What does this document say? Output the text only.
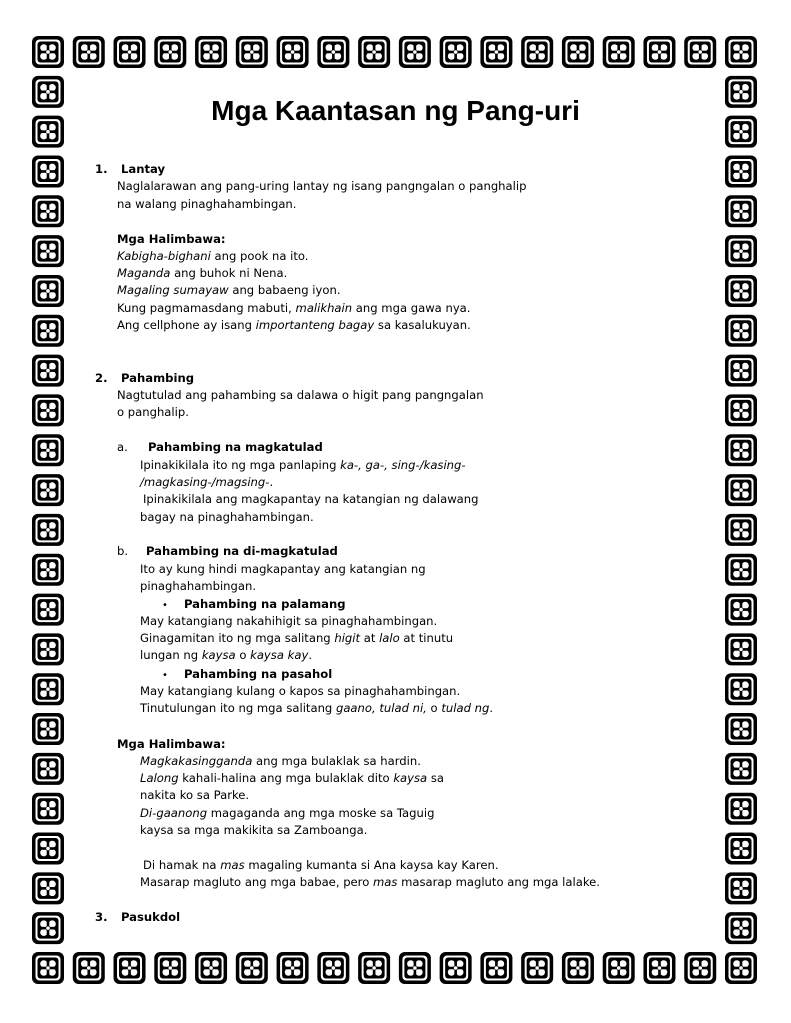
Mga Kaantasan ng Pang-uri
1. Lantay
Naglalarawan ang pang-uring lantay ng isang pangngalan o panghalip
na walang pinaghahambingan.
Mga Halimbawa:
Kabigha-bighani ang pook na ito.
Maganda ang buhok ni Nena.
Magaling sumayaw ang babaeng iyon.
Kung pagmamasdang mabuti, malikhain ang mga gawa nya.
Ang cellphone ay isang importanteng bagay sa kasalukuyan.
2. Pahambing
Nagtutulad ang pahambing sa dalawa o higit pang pangngalan
o panghalip.
a. Pahambing na magkatulad
Ipinakikilala ito ng mga panlaping ka-, ga-, sing-/kasing-
/magkasing-/magsing-.
Ipinakikilala ang magkapantay na katangian ng dalawang
bagay na pinaghahambingan.
b. Pahambing na di-magkatulad
Ito ay kung hindi magkapantay ang katangian ng
pinaghahambingan.
• Pahambing na palamang
May katangiang nakahihigit sa pinaghahambingan.
Ginagamitan ito ng mga salitang higit at lalo at tinutu
lungan ng kaysa o kaysa kay.
• Pahambing na pasahol
May katangiang kulang o kapos sa pinaghahambingan.
Tinutulungan ito ng mga salitang gaano, tulad ni, o tulad ng.
Mga Halimbawa:
Magkakasingganda ang mga bulaklak sa hardin.
Lalong kahali-halina ang mga bulaklak dito kaysa sa
nakita ko sa Parke.
Di-gaanong magaganda ang mga moske sa Taguig
kaysa sa mga makikita sa Zamboanga.
Di hamak na mas magaling kumanta si Ana kaysa kay Karen.
Masarap magluto ang mga babae, pero mas masarap magluto ang mga lalake.
3. Pasukdol
